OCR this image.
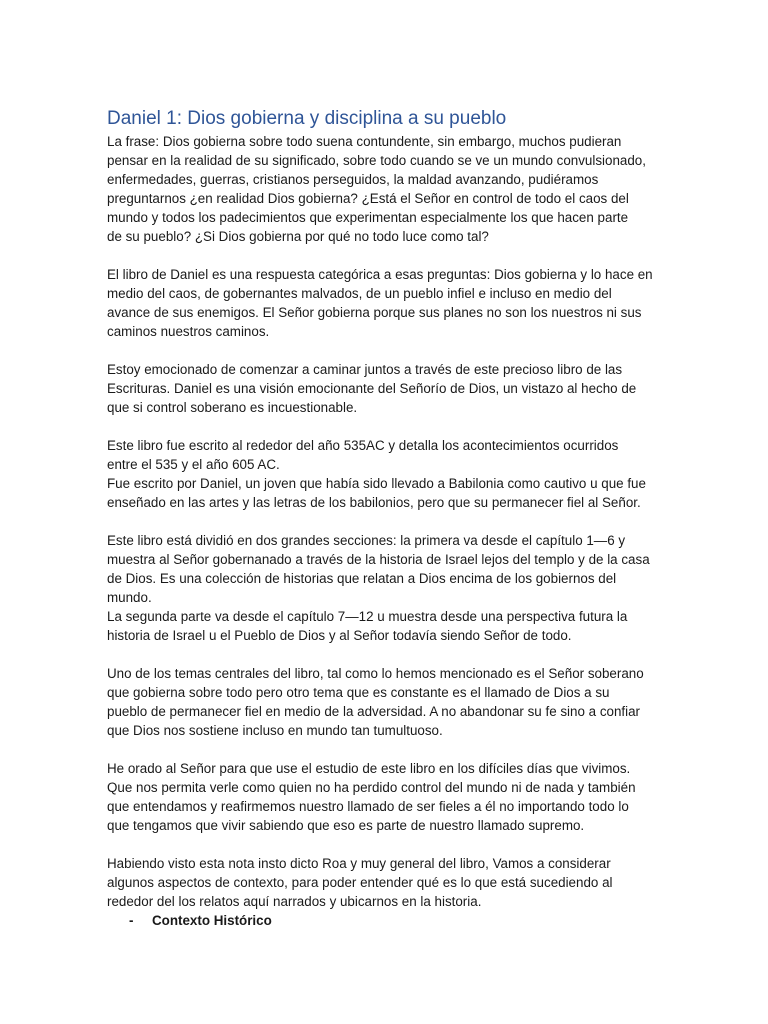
Daniel 1: Dios gobierna y disciplina a su pueblo

La frase: Dios gobierna sobre todo suena contundente, sin embargo, muchos pudieran
pensar en la realidad de su significado, sobre todo cuando se ve un mundo convulsionado,
enfermedades, guerras, cristianos perseguidos, la maldad avanzando, pudiéramos
preguntarnos ¿en realidad Dios gobierna? ¿Está el Señor en control de todo el caos del
mundo y todos los padecimientos que experimentan especialmente los que hacen parte
de su pueblo? ¿Si Dios gobierna por qué no todo luce como tal?

El libro de Daniel es una respuesta categórica a esas preguntas: Dios gobierna y lo hace en
medio del caos, de gobernantes malvados, de un pueblo infiel e incluso en medio del
avance de sus enemigos. El Señor gobierna porque sus planes no son los nuestros ni sus
caminos nuestros caminos.

Estoy emocionado de comenzar a caminar juntos a través de este precioso libro de las
Escrituras. Daniel es una visión emocionante del Señorío de Dios, un vistazo al hecho de
que si control soberano es incuestionable.

Este libro fue escrito al rededor del año 535AC y detalla los acontecimientos ocurridos
entre el 535 y el año 605 AC.
Fue escrito por Daniel, un joven que había sido llevado a Babilonia como cautivo u que fue
enseñado en las artes y las letras de los babilonios, pero que su permanecer fiel al Señor.

Este libro está dividió en dos grandes secciones: la primera va desde el capítulo 1—6 y
muestra al Señor gobernanado a través de la historia de Israel lejos del templo y de la casa
de Dios. Es una colección de historias que relatan a Dios encima de los gobiernos del
mundo.
La segunda parte va desde el capítulo 7—12 u muestra desde una perspectiva futura la
historia de Israel u el Pueblo de Dios y al Señor todavía siendo Señor de todo.

Uno de los temas centrales del libro, tal como lo hemos mencionado es el Señor soberano
que gobierna sobre todo pero otro tema que es constante es el llamado de Dios a su
pueblo de permanecer fiel en medio de la adversidad. A no abandonar su fe sino a confiar
que Dios nos sostiene incluso en mundo tan tumultuoso.

He orado al Señor para que use el estudio de este libro en los difíciles días que vivimos.
Que nos permita verle como quien no ha perdido control del mundo ni de nada y también
que entendamos y reafirmemos nuestro llamado de ser fieles a él no importando todo lo
que tengamos que vivir sabiendo que eso es parte de nuestro llamado supremo.

Habiendo visto esta nota insto dicto Roa y muy general del libro, Vamos a considerar
algunos aspectos de contexto, para poder entender qué es lo que está sucediendo al
rededor del los relatos aquí narrados y ubicarnos en la historia.

- Contexto Histórico
